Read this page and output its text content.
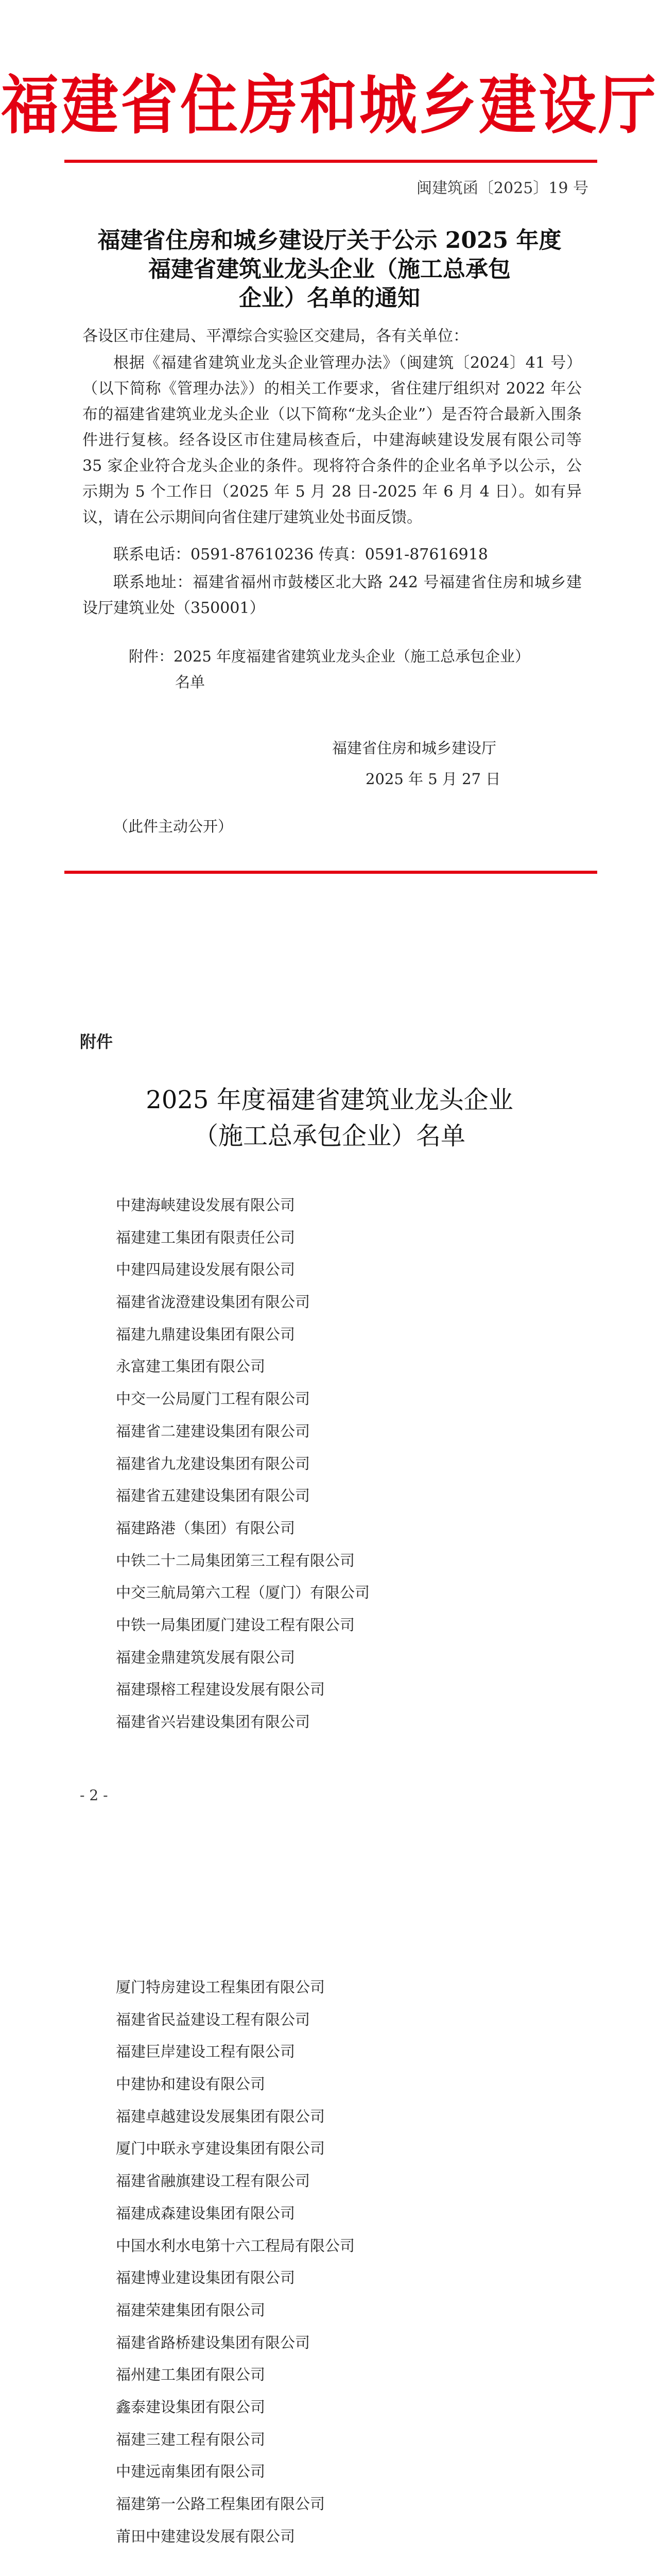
福建省住房和城乡建设厅
闽建筑函〔2025〕19 号
福建省住房和城乡建设厅关于公示 2025 年度
福建省建筑业龙头企业（施工总承包
企业）名单的通知
各设区市住建局、平潭综合实验区交建局，各有关单位：
根据《福建省建筑业龙头企业管理办法》（闽建筑〔2024〕41 号）（以下简称《管理办法》）的相关工作要求，省住建厅组织对 2022 年公布的福建省建筑业龙头企业（以下简称“龙头企业”）是否符合最新入围条件进行复核。经各设区市住建局核查后，中建海峡建设发展有限公司等 35 家企业符合龙头企业的条件。现将符合条件的企业名单予以公示，公示期为 5 个工作日（2025 年 5 月 28 日-2025 年 6 月 4 日）。如有异议，请在公示期间向省住建厅建筑业处书面反馈。
联系电话：0591-87610236 传真：0591-87616918
联系地址：福建省福州市鼓楼区北大路 242 号福建省住房和城乡建设厅建筑业处（350001）
附件：2025 年度福建省建筑业龙头企业（施工总承包企业）
名单
福建省住房和城乡建设厅
2025 年 5 月 27 日
（此件主动公开）
附件
2025 年度福建省建筑业龙头企业
（施工总承包企业）名单
中建海峡建设发展有限公司
福建建工集团有限责任公司
中建四局建设发展有限公司
福建省泷澄建设集团有限公司
福建九鼎建设集团有限公司
永富建工集团有限公司
中交一公局厦门工程有限公司
福建省二建建设集团有限公司
福建省九龙建设集团有限公司
福建省五建建设集团有限公司
福建路港（集团）有限公司
中铁二十二局集团第三工程有限公司
中交三航局第六工程（厦门）有限公司
中铁一局集团厦门建设工程有限公司
福建金鼎建筑发展有限公司
福建璟榕工程建设发展有限公司
福建省兴岩建设集团有限公司
- 2 -
厦门特房建设工程集团有限公司
福建省民益建设工程有限公司
福建巨岸建设工程有限公司
中建协和建设有限公司
福建卓越建设发展集团有限公司
厦门中联永亨建设集团有限公司
福建省融旗建设工程有限公司
福建成森建设集团有限公司
中国水利水电第十六工程局有限公司
福建博业建设集团有限公司
福建荣建集团有限公司
福建省路桥建设集团有限公司
福州建工集团有限公司
鑫泰建设集团有限公司
福建三建工程有限公司
中建远南集团有限公司
福建第一公路工程集团有限公司
莆田中建建设发展有限公司
